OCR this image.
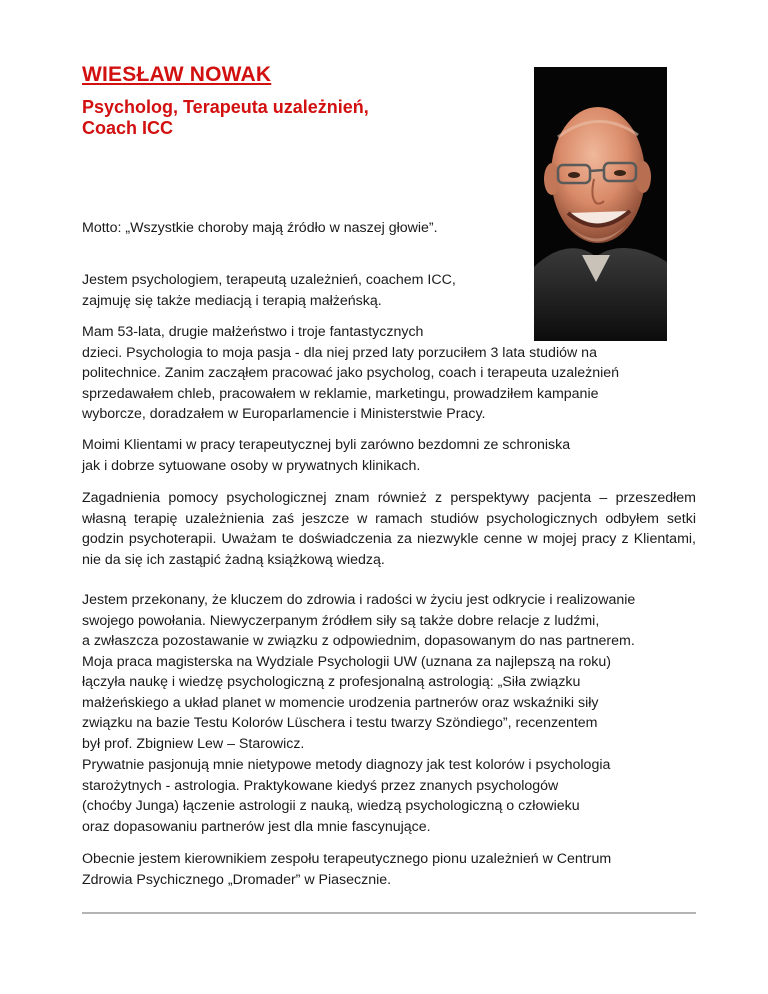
WIESŁAW NOWAK
Psycholog, Terapeuta uzależnień,
Coach ICC

Motto: „Wszystkie choroby mają źródło w naszej głowie”.

Jestem psychologiem, terapeutą uzależnień, coachem ICC,
zajmuję się także mediacją i terapią małżeńską.

Mam 53-lata, drugie małżeństwo i troje fantastycznych
dzieci. Psychologia to moja pasja - dla niej przed laty porzuciłem 3 lata studiów na
politechnice. Zanim zacząłem pracować jako psycholog, coach i terapeuta uzależnień
sprzedawałem chleb, pracowałem w reklamie, marketingu, prowadziłem kampanie
wyborcze, doradzałem w Europarlamencie i Ministerstwie Pracy.

Moimi Klientami w pracy terapeutycznej byli zarówno bezdomni ze schroniska
jak i dobrze sytuowane osoby w prywatnych klinikach.

Zagadnienia pomocy psychologicznej znam również z perspektywy pacjenta – przeszedłem własną terapię uzależnienia zaś jeszcze w ramach studiów psychologicznych odbyłem setki godzin psychoterapii. Uważam te doświadczenia za niezwykle cenne w mojej pracy z Klientami, nie da się ich zastąpić żadną książkową wiedzą.

Jestem przekonany, że kluczem do zdrowia i radości w życiu jest odkrycie i realizowanie
swojego powołania. Niewyczerpanym źródłem siły są także dobre relacje z ludźmi,
a zwłaszcza pozostawanie w związku z odpowiednim, dopasowanym do nas partnerem.
Moja praca magisterska na Wydziale Psychologii UW (uznana za najlepszą na roku)
łączyła naukę i wiedzę psychologiczną z profesjonalną astrologią: „Siła związku
małżeńskiego a układ planet w momencie urodzenia partnerów oraz wskaźniki siły
związku na bazie Testu Kolorów Lüschera i testu twarzy Szöndiego”, recenzentem
był prof. Zbigniew Lew – Starowicz.

Prywatnie pasjonują mnie nietypowe metody diagnozy jak test kolorów i psychologia
starożytnych - astrologia. Praktykowane kiedyś przez znanych psychologów
(choćby Junga) łączenie astrologii z nauką, wiedzą psychologiczną o człowieku
oraz dopasowaniu partnerów jest dla mnie fascynujące.

Obecnie jestem kierownikiem zespołu terapeutycznego pionu uzależnień w Centrum
Zdrowia Psychicznego „Dromader” w Piasecznie.
